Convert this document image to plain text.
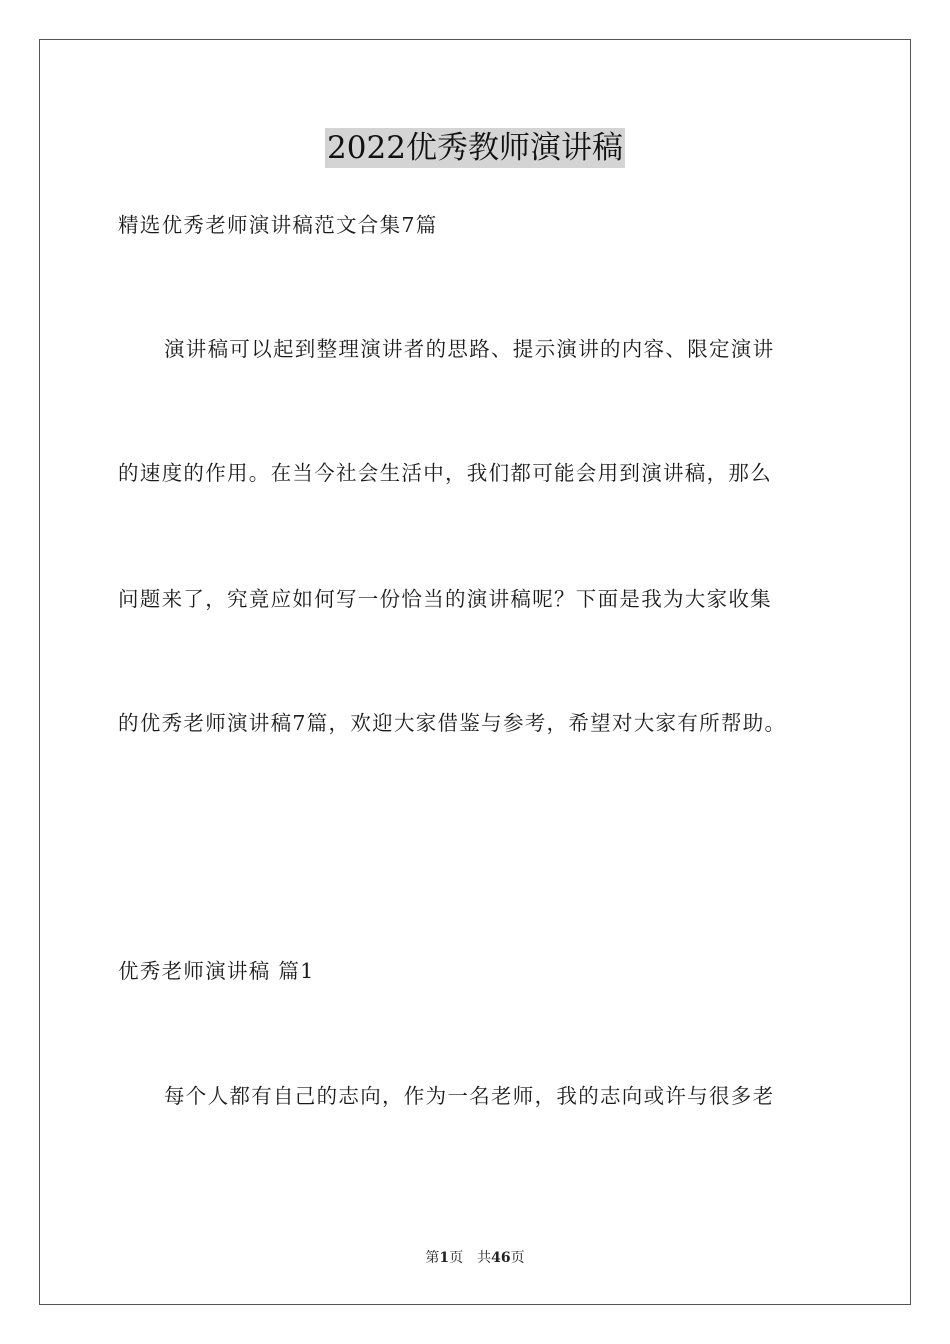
2022优秀教师演讲稿
精选优秀老师演讲稿范文合集7篇
演讲稿可以起到整理演讲者的思路、提示演讲的内容、限定演讲
的速度的作用。在当今社会生活中，我们都可能会用到演讲稿，那么
问题来了，究竟应如何写一份恰当的演讲稿呢？下面是我为大家收集
的优秀老师演讲稿7篇，欢迎大家借鉴与参考，希望对大家有所帮助。
优秀老师演讲稿 篇1
每个人都有自己的志向，作为一名老师，我的志向或许与很多老
第1页　共46页
